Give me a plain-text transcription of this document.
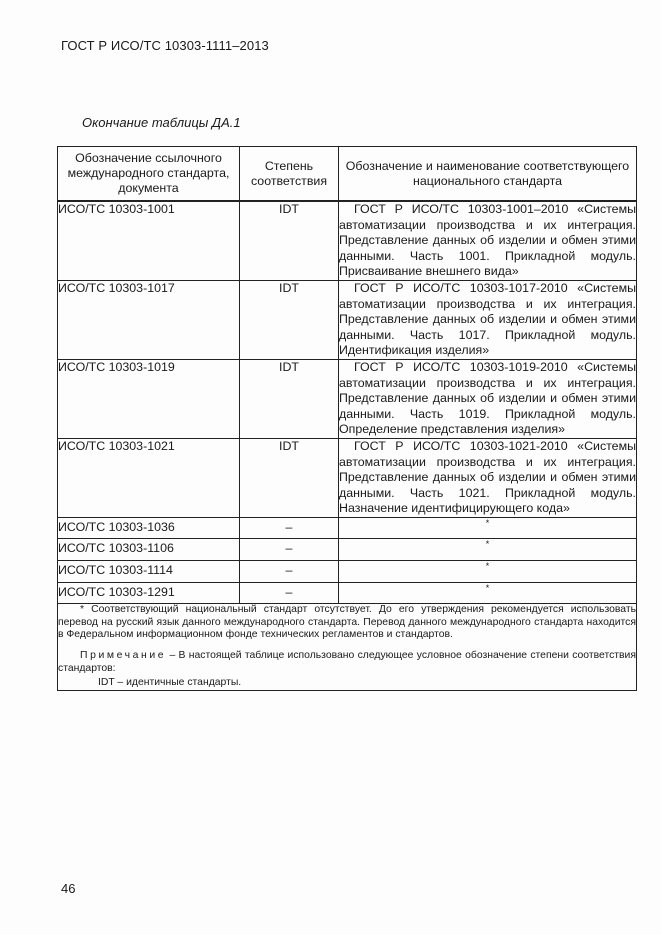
ГОСТ Р ИСО/ТС 10303-1111–2013
Окончание таблицы ДА.1
Обозначение ссылочного международного стандарта, документа	Степень соответствия	Обозначение и наименование соответствующего национального стандарта
ИСО/ТС 10303-1001	IDT	ГОСТ Р ИСО/ТС 10303-1001–2010 «Системы автоматизации производства и их интеграция. Представление данных об изделии и обмен этими данными. Часть 1001. Прикладной модуль. Присваивание внешнего вида»

ИСО/ТС 10303-1017	IDT	ГОСТ Р ИСО/ТС 10303-1017-2010 «Системы автоматизации производства и их интеграция. Представление данных об изделии и обмен этими данными. Часть 1017. Прикладной модуль. Идентификация изделия»

ИСО/ТС 10303-1019	IDT	ГОСТ Р ИСО/ТС 10303-1019-2010 «Системы автоматизации производства и их интеграция. Представление данных об изделии и обмен этими данными. Часть 1019. Прикладной модуль. Определение представления изделия»

ИСО/ТС 10303-1021	IDT	ГОСТ Р ИСО/ТС 10303-1021-2010 «Системы автоматизации производства и их интеграция. Представление данных об изделии и обмен этими данными. Часть 1021. Прикладной модуль. Назначение идентифицирующего кода»

ИСО/ТС 10303-1036	–	*
ИСО/ТС 10303-1106	–	*
ИСО/ТС 10303-1114	–	*
ИСО/ТС 10303-1291	–	*

* Соответствующий национальный стандарт отсутствует. До его утверждения рекомендуется использовать перевод на русский язык данного международного стандарта. Перевод данного международного стандарта находится в Федеральном информационном фонде технических регламентов и стандартов.

Примечание – В настоящей таблице использовано следующее условное обозначение степени соответствия стандартов:

IDT – идентичные стандарты.		

46
